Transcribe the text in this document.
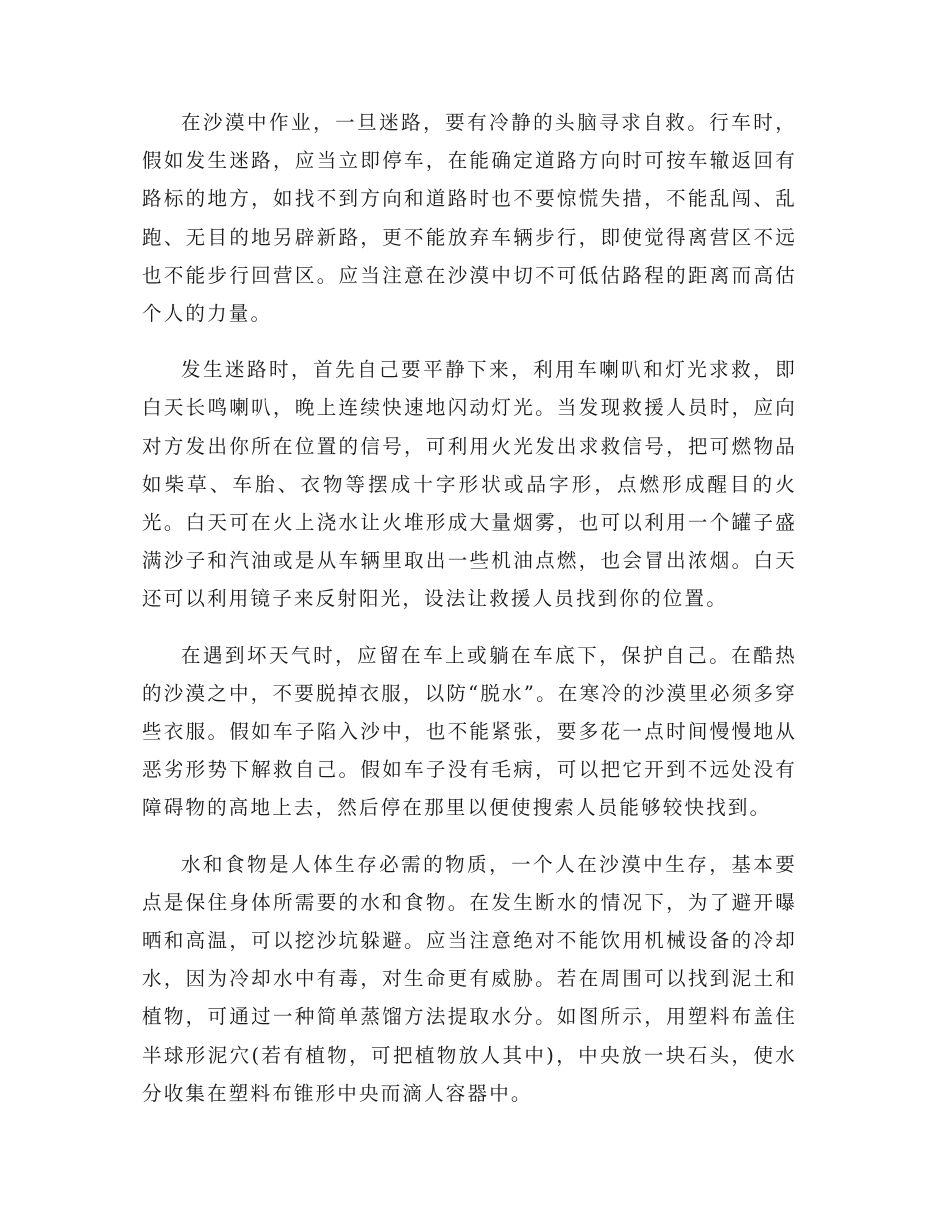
在沙漠中作业，一旦迷路，要有冷静的头脑寻求自救。行车时，假如发生迷路，应当立即停车，在能确定道路方向时可按车辙返回有路标的地方，如找不到方向和道路时也不要惊慌失措，不能乱闯、乱跑、无目的地另辟新路，更不能放弃车辆步行，即使觉得离营区不远也不能步行回营区。应当注意在沙漠中切不可低估路程的距离而高估个人的力量。

发生迷路时，首先自己要平静下来，利用车喇叭和灯光求救，即白天长鸣喇叭，晚上连续快速地闪动灯光。当发现救援人员时，应向对方发出你所在位置的信号，可利用火光发出求救信号，把可燃物品如柴草、车胎、衣物等摆成十字形状或品字形，点燃形成醒目的火光。白天可在火上浇水让火堆形成大量烟雾，也可以利用一个罐子盛满沙子和汽油或是从车辆里取出一些机油点燃，也会冒出浓烟。白天还可以利用镜子来反射阳光，设法让救援人员找到你的位置。

在遇到坏天气时，应留在车上或躺在车底下，保护自己。在酷热的沙漠之中，不要脱掉衣服，以防“脱水”。在寒冷的沙漠里必须多穿些衣服。假如车子陷入沙中，也不能紧张，要多花一点时间慢慢地从恶劣形势下解救自己。假如车子没有毛病，可以把它开到不远处没有障碍物的高地上去，然后停在那里以便使搜索人员能够较快找到。

水和食物是人体生存必需的物质，一个人在沙漠中生存，基本要点是保住身体所需要的水和食物。在发生断水的情况下，为了避开曝晒和高温，可以挖沙坑躲避。应当注意绝对不能饮用机械设备的冷却水，因为冷却水中有毒，对生命更有威胁。若在周围可以找到泥土和植物，可通过一种简单蒸馏方法提取水分。如图所示，用塑料布盖住半球形泥穴(若有植物，可把植物放人其中)，中央放一块石头，使水分收集在塑料布锥形中央而滴人容器中。
